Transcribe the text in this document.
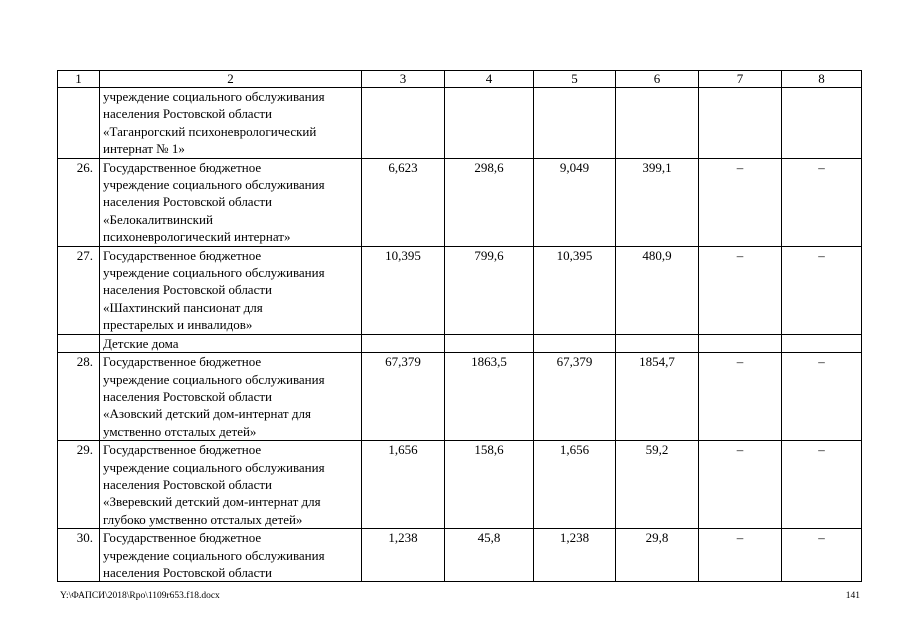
1	2	3	4	5	6	7	8

	учреждение социального обслуживания
населения Ростовской области
«Таганрогский психоневрологический
интернат № 1»						

26.	Государственное бюджетное
учреждение социального обслуживания
населения Ростовской области
«Белокалитвинский
психоневрологический интернат»	6,623	298,6	9,049	399,1	–	–
27.	Государственное бюджетное
учреждение социального обслуживания
населения Ростовской области
«Шахтинский пансионат для
престарелых и инвалидов»	10,395	799,6	10,395	480,9	–	–

	Детские дома						

28.	Государственное бюджетное
учреждение социального обслуживания
населения Ростовской области
«Азовский детский дом-интернат для
умственно отсталых детей»	67,379	1863,5	67,379	1854,7	–	–
29.	Государственное бюджетное
учреждение социального обслуживания
населения Ростовской области
«Зверевский детский дом-интернат для
глубоко умственно отсталых детей»	1,656	158,6	1,656	59,2	–	–
30.	Государственное бюджетное
учреждение социального обслуживания
населения Ростовской области	1,238	45,8	1,238	29,8	–	–
Y:\ФАПСИ\2018\Rpo\1109r653.f18.docx	141
